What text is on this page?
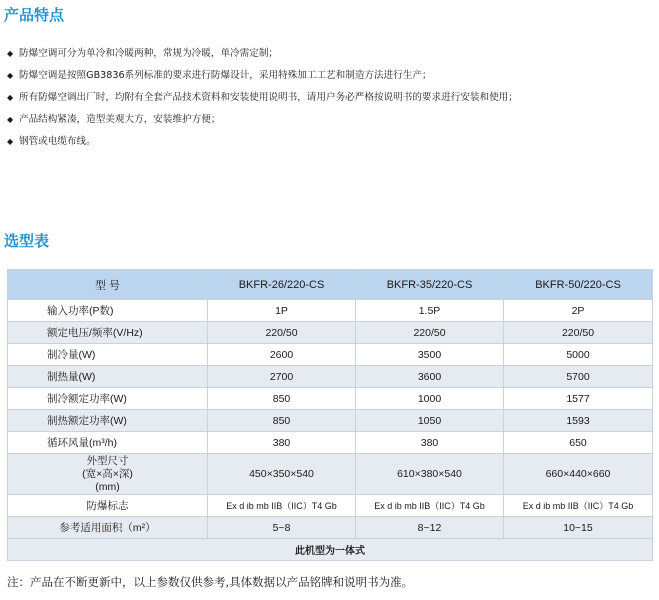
产品特点
◆ 防爆空调可分为单冷和冷暖两种，常规为冷暖，单冷需定制；
◆ 防爆空调是按照GB3836系列标准的要求进行防爆设计，采用特殊加工工艺和制造方法进行生产；
◆ 所有防爆空调出厂时，均附有全套产品技术资料和安装使用说明书，请用户务必严格按说明书的要求进行安装和使用；
◆ 产品结构紧凑，造型美观大方，安装维护方便；
◆ 钢管或电缆布线。
选型表
型 号	BKFR-26/220-CS	BKFR-35/220-CS	BKFR-50/220-CS
输入功率(P数)	1P	1.5P	2P
额定电压/频率(V/Hz)	220/50	220/50	220/50
制冷量(W)	2600	3500	5000
制热量(W)	2700	3600	5700
制冷额定功率(W)	850	1000	1577
制热额定功率(W)	850	1050	1593
循环风量(m³/h)	380	380	650

外型尺寸
(宽×高×深)
(mm)	450×350×540	610×380×540	660×440×660
防爆标志	Ex d ib mb IIB（IIC）T4 Gb	Ex d ib mb IIB（IIC）T4 Gb	Ex d ib mb IIB（IIC）T4 Gb
参考适用面积（m²）	5~8	8~12	10~15
此机型为一体式			

注：产品在不断更新中，以上参数仅供参考,具体数据以产品铭牌和说明书为准。
